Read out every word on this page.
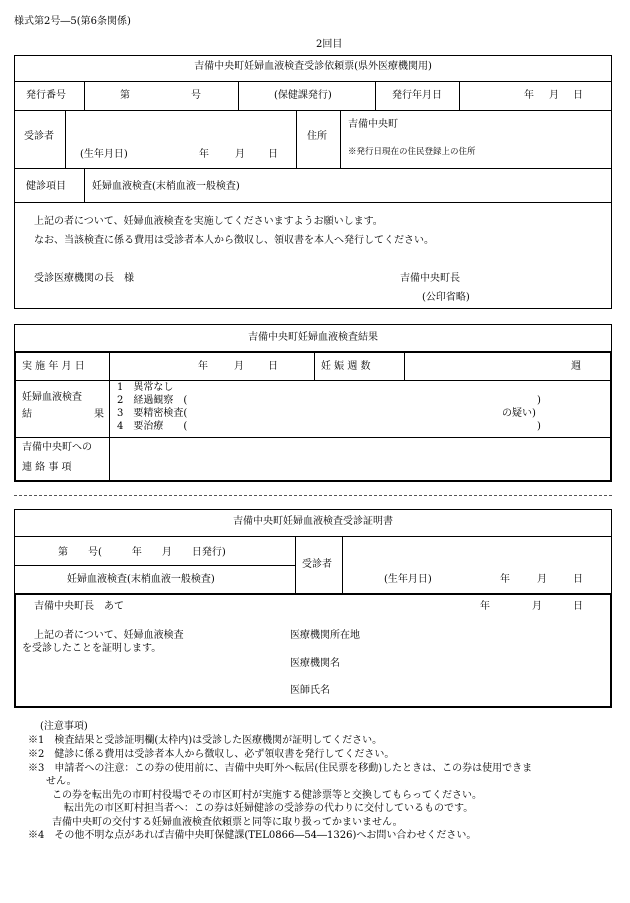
様式第2号―5(第6条関係)
2回目
吉備中央町妊婦血液検査受診依頼票(県外医療機関用)
発行番号	第	号	(保健課発行)	発行年月日	年 月 日
受診者
(生年月日)	年	月 日
住所
吉備中央町
※発行日現在の住民登録上の住所
健診項目	妊婦血液検査(末梢血液一般検査)
上記の者について、妊婦血液検査を実施してくださいますようお願いします。
なお、当該検査に係る費用は受診者本人から徴収し、領収書を本人へ発行してください。
受診医療機関の長　様	吉備中央町長
(公印省略)
吉備中央町妊婦血液検査結果
実 施 年 月 日	年	月 日	妊 娠 週 数	週
妊婦血液検査
結	果
1　異常なし
2　経過観察　(	)
3　要精密検査(	の疑い)
4　要治療　　(	)
吉備中央町への
連 絡 事 項
吉備中央町妊婦血液検査受診証明書
第　　号(　　　年　　月　　日発行)
妊婦血液検査(末梢血液一般検査)
受診者
(生年月日)	年	月	日
吉備中央町長　あて	年	月	日
上記の者について、妊婦血液検査
を受診したことを証明します。
医療機関所在地
医療機関名
医師氏名
(注意事項)
※1　検査結果と受診証明欄(太枠内)は受診した医療機関が証明してください。
※2　健診に係る費用は受診者本人から徴収し、必ず領収書を発行してください。
※3　申請者への注意：この券の使用前に、吉備中央町外へ転居(住民票を移動)したときは、この券は使用できま
せん。
この券を転出先の市町村役場でその市区町村が実施する健診票等と交換してもらってください。
転出先の市区町村担当者へ：この券は妊婦健診の受診券の代わりに交付しているものです。
吉備中央町の交付する妊婦血液検査依頼票と同等に取り扱ってかまいません。
※4　その他不明な点があれば吉備中央町保健課(TEL0866―54―1326)へお問い合わせください。
